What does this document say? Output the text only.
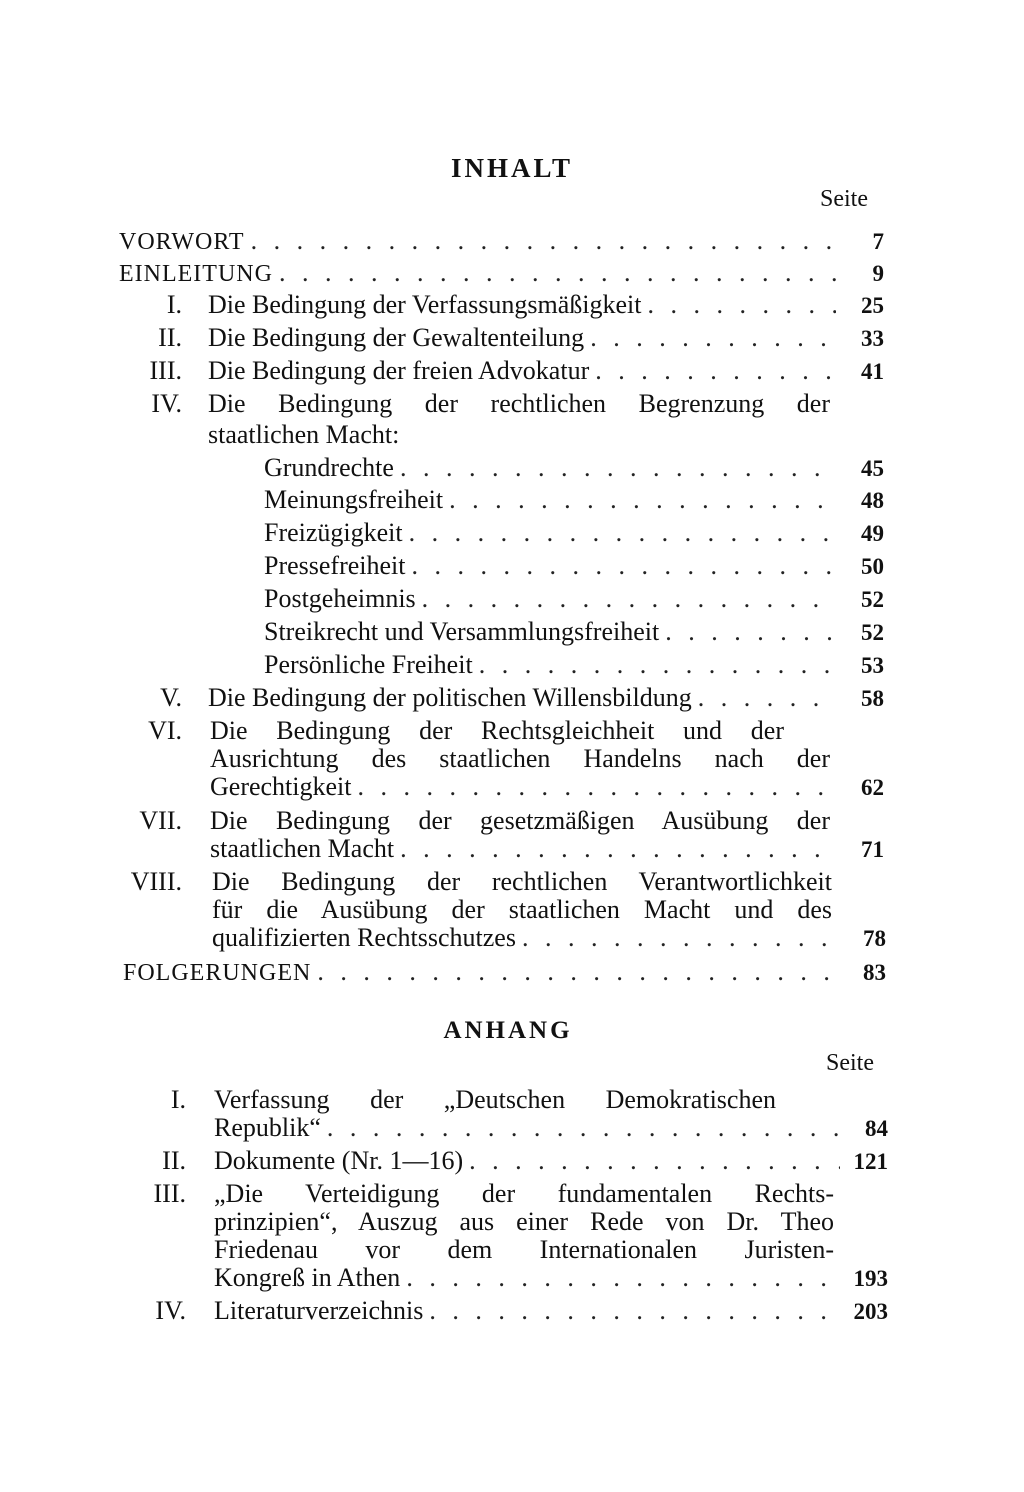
INHALT
Seite
VORWORT . . .	7
EINLEITUNG . . .	9
I. Die Bedingung der Verfassungsmäßigkeit . . .	25
II. Die Bedingung der Gewaltenteilung . . .	33
III. Die Bedingung der freien Advokatur . . .	41
IV. Die Bedingung der rechtlichen Begrenzung der
staatlichen Macht:
Grundrechte . . .	45
Meinungsfreiheit . . .	48
Freizügigkeit . . .	49
Pressefreiheit . . .	50
Postgeheimnis . . .	52
Streikrecht und Versammlungsfreiheit . . .	52
Persönliche Freiheit . . .	53
V. Die Bedingung der politischen Willensbildung . . .	58
VI. Die Bedingung der Rechtsgleichheit und der
Ausrichtung des staatlichen Handelns nach der
Gerechtigkeit . . .	62
VII. Die Bedingung der gesetzmäßigen Ausübung der
staatlichen Macht . . .	71
VIII. Die Bedingung der rechtlichen Verantwortlichkeit
für die Ausübung der staatlichen Macht und des
qualifizierten Rechtsschutzes . . .	78
FOLGERUNGEN . . .	83
ANHANG
Seite
I. Verfassung der „Deutschen Demokratischen
Republik“ . . .	84
II. Dokumente (Nr. 1—16) . . .	121
III. „Die Verteidigung der fundamentalen Rechts-
prinzipien“, Auszug aus einer Rede von Dr. Theo
Friedenau vor dem Internationalen Juristen-
Kongreß in Athen . . .	193
IV. Literaturverzeichnis . . .	203
